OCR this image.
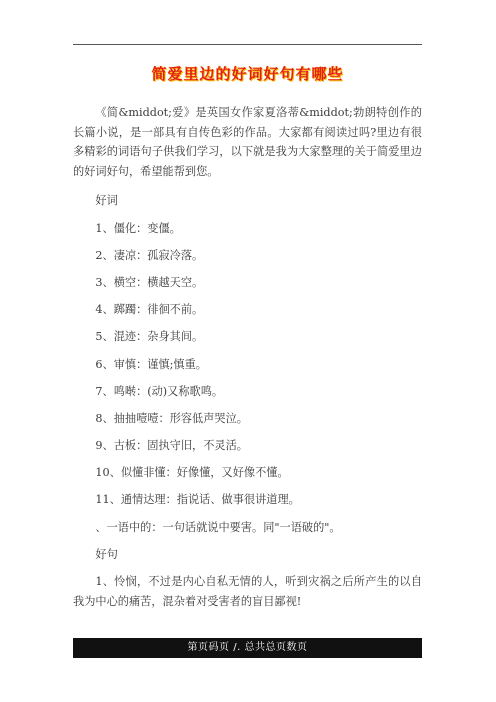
简爱里边的好词好句有哪些

《简&middot;爱》是英国女作家夏洛蒂&middot;勃朗特创作的长篇小说，是一部具有自传色彩的作品。大家都有阅读过吗?里边有很多精彩的词语句子供我们学习，以下就是我为大家整理的关于简爱里边的好词好句，希望能帮到您。

好词
1、僵化：变僵。
2、凄凉：孤寂冷落。
3、横空：横越天空。
4、踯躅：徘徊不前。
5、混迹：杂身其间。
6、审慎：谨慎;慎重。
7、鸣啭：(动)又称歌鸣。
8、抽抽噎噎：形容低声哭泣。
9、古板：固执守旧，不灵活。
10、似懂非懂：好像懂，又好像不懂。
11、通情达理：指说话、做事很讲道理。
、一语中的：一句话就说中要害。同"一语破的"。
好句

1、怜悯，不过是内心自私无情的人，听到灾祸之后所产生的以自我为中心的痛苦，混杂着对受害者的盲目鄙视!

第页码页 /. 总共总页数页
